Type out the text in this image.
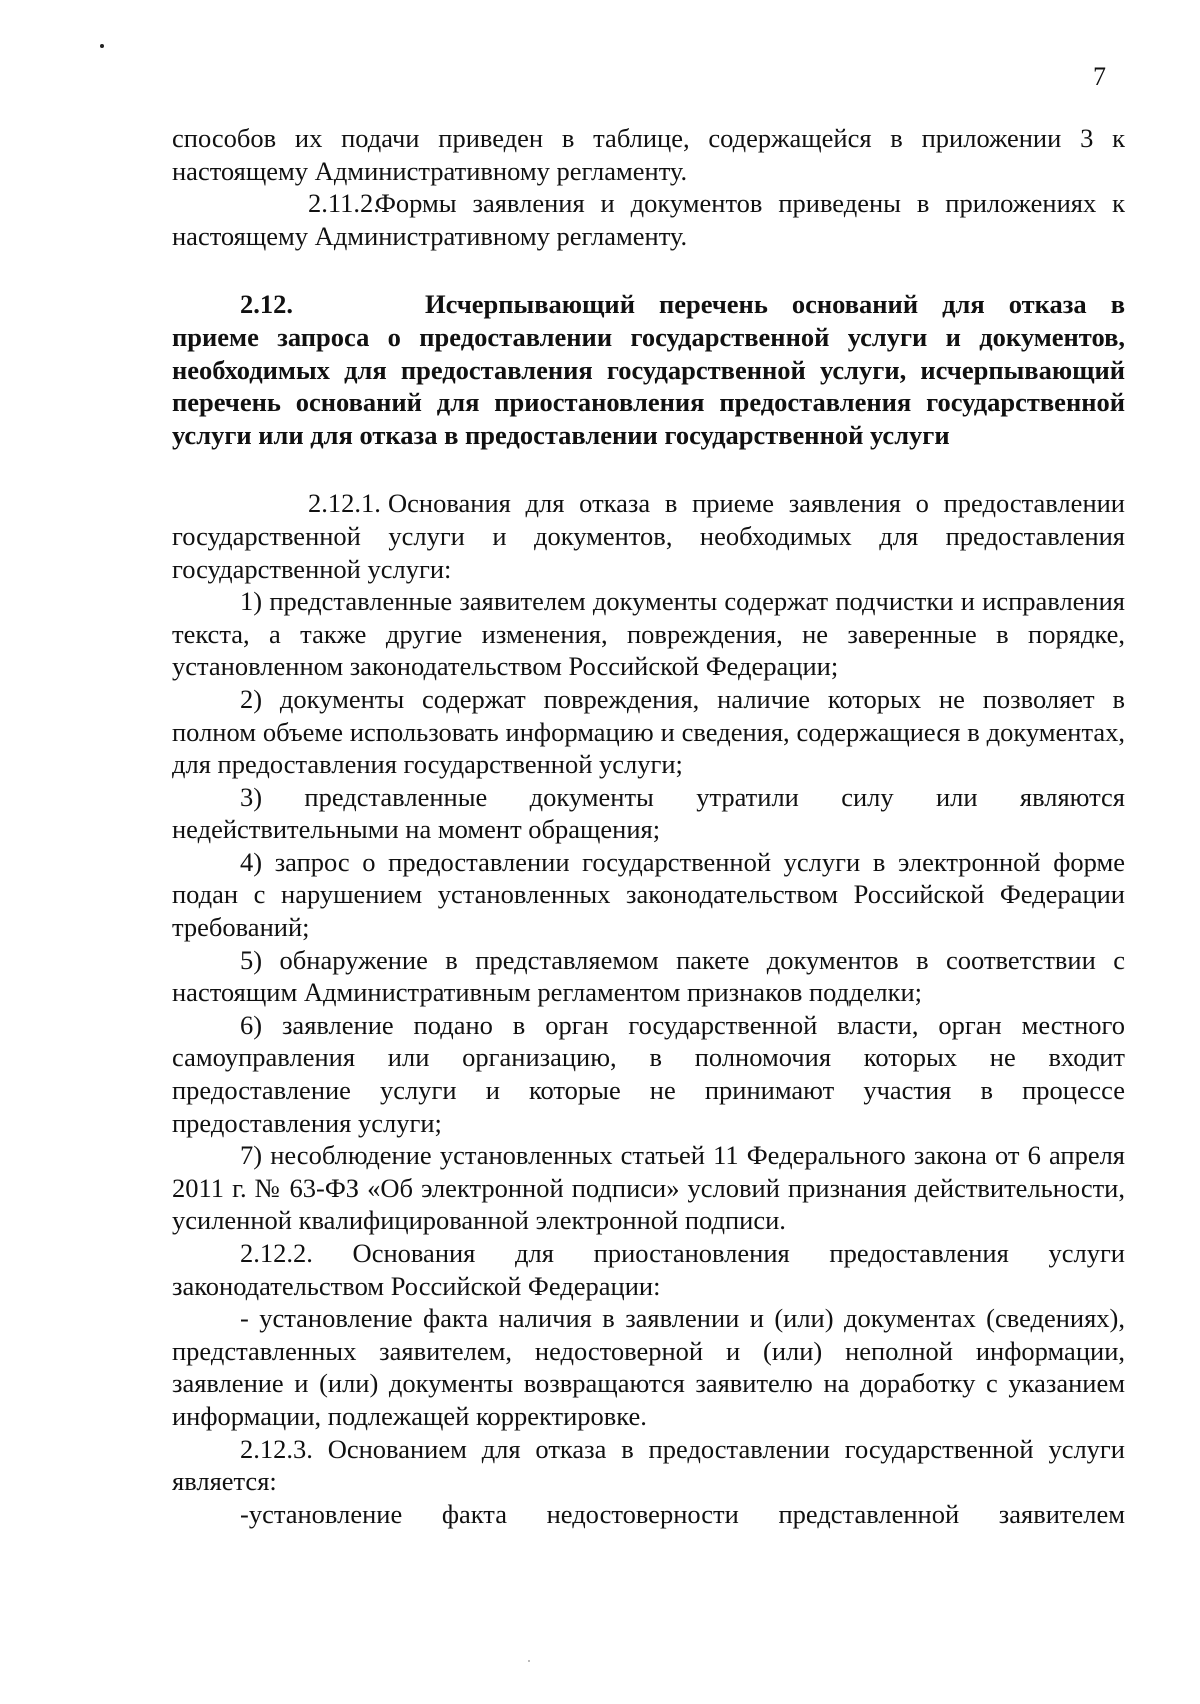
7

способов их подачи приведен в таблице, содержащейся в приложении 3 к настоящему Административному регламенту.

2.11.2.Формы заявления и документов приведены в приложениях к настоящему Административному регламенту.

2.12.	Исчерпывающий перечень оснований для отказа в приеме запроса о предоставлении государственной услуги и документов, необходимых для предоставления государственной услуги, исчерпывающий перечень оснований для приостановления предоставления государственной услуги или для отказа в предоставлении государственной услуги

2.12.1. Основания для отказа в приеме заявления о предоставлении государственной услуги и документов, необходимых для предоставления государственной услуги:

1) представленные заявителем документы содержат подчистки и исправления текста, а также другие изменения, повреждения, не заверенные в порядке, установленном законодательством Российской Федерации;

2) документы содержат повреждения, наличие которых не позволяет в полном объеме использовать информацию и сведения, содержащиеся в документах, для предоставления государственной услуги;

3) представленные документы утратили силу или являются недействительными на момент обращения;

4) запрос о предоставлении государственной услуги в электронной форме подан с нарушением установленных законодательством Российской Федерации требований;

5) обнаружение в представляемом пакете документов в соответствии с настоящим Административным регламентом признаков подделки;

6) заявление подано в орган государственной власти, орган местного самоуправления или организацию, в полномочия которых не входит предоставление услуги и которые не принимают участия в процессе предоставления услуги;

7) несоблюдение установленных статьей 11 Федерального закона от 6 апреля 2011 г. № 63-ФЗ «Об электронной подписи» условий признания действительности, усиленной квалифицированной электронной подписи.

2.12.2. Основания для приостановления предоставления услуги законодательством Российской Федерации:

- установление факта наличия в заявлении и (или) документах (сведениях), представленных заявителем, недостоверной и (или) неполной информации, заявление и (или) документы возвращаются заявителю на доработку с указанием информации, подлежащей корректировке.

2.12.3. Основанием для отказа в предоставлении государственной услуги является:

-установление факта недостоверности представленной заявителем
